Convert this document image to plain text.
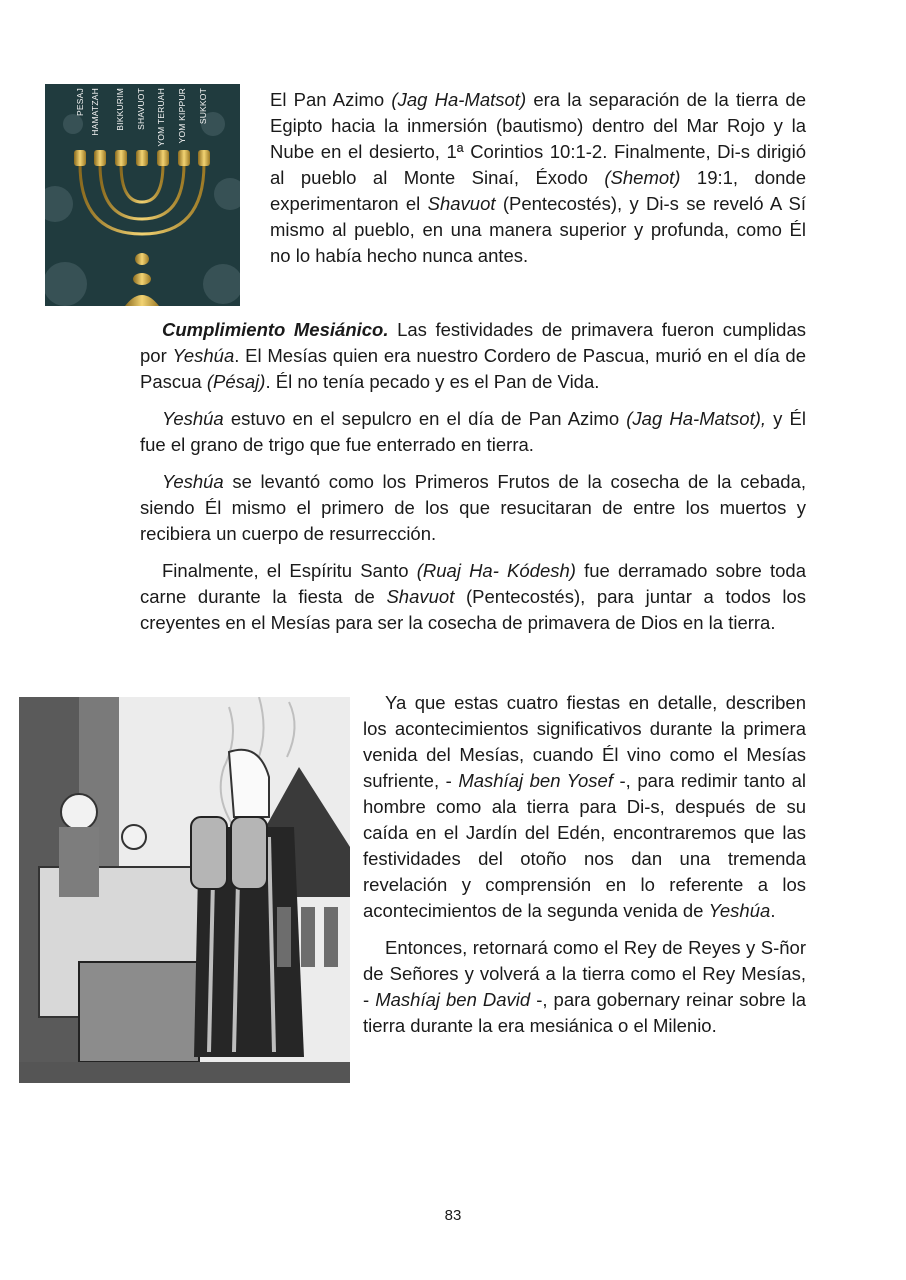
PESAJ HAMATZAH BIKKURIM SHAVUOT YOM TERUAH YOM KIPPUR SUKKOT	El Pan Azimo (Jag Ha-Matsot) era la separación de la tierra de Egipto hacia la inmersión (bautismo) dentro del Mar Rojo y la Nube en el desierto, 1ª Corintios 10:1-2. Finalmente, Di-s dirigió al pueblo al Monte Sinaí, Éxodo (Shemot) 19:1, donde experimentaron el Shavuot (Pentecostés), y Di-s se reveló A Sí mismo al pueblo, en una manera superior y profunda, como Él no lo había hecho nunca antes.

Cumplimiento Mesiánico. Las festividades de primavera fueron cumplidas por Yeshúa. El Mesías quien era nuestro Cordero de Pascua, murió en el día de Pascua (Pésaj). Él no tenía pecado y es el Pan de Vida.

Yeshúa estuvo en el sepulcro en el día de Pan Azimo (Jag Ha-Matsot), y Él fue el grano de trigo que fue enterrado en tierra.

Yeshúa se levantó como los Primeros Frutos de la cosecha de la cebada, siendo Él mismo el primero de los que resucitaran de entre los muertos y recibiera un cuerpo de resurrección.

Finalmente, el Espíritu Santo (Ruaj Ha- Kódesh) fue derramado sobre toda carne durante la fiesta de Shavuot (Pentecostés), para juntar a todos los creyentes en el Mesías para ser la cosecha de primavera de Dios en la tierra.

Ya que estas cuatro fiestas en detalle, describen los acontecimientos significativos durante la primera venida del Mesías, cuando Él vino como el Mesías sufriente, - Mashíaj ben Yosef -, para redimir tanto al hombre como ala tierra para Di-s, después de su caída en el Jardín del Edén, encontraremos que las festividades del otoño nos dan una tremenda revelación y comprensión en lo referente a los acontecimientos de la segunda venida de Yeshúa.

Entonces, retornará como el Rey de Reyes y S-ñor de Señores y volverá a la tierra como el Rey Mesías, - Mashíaj ben David -, para gobernary reinar sobre la tierra durante la era mesiánica o el Milenio.

83
